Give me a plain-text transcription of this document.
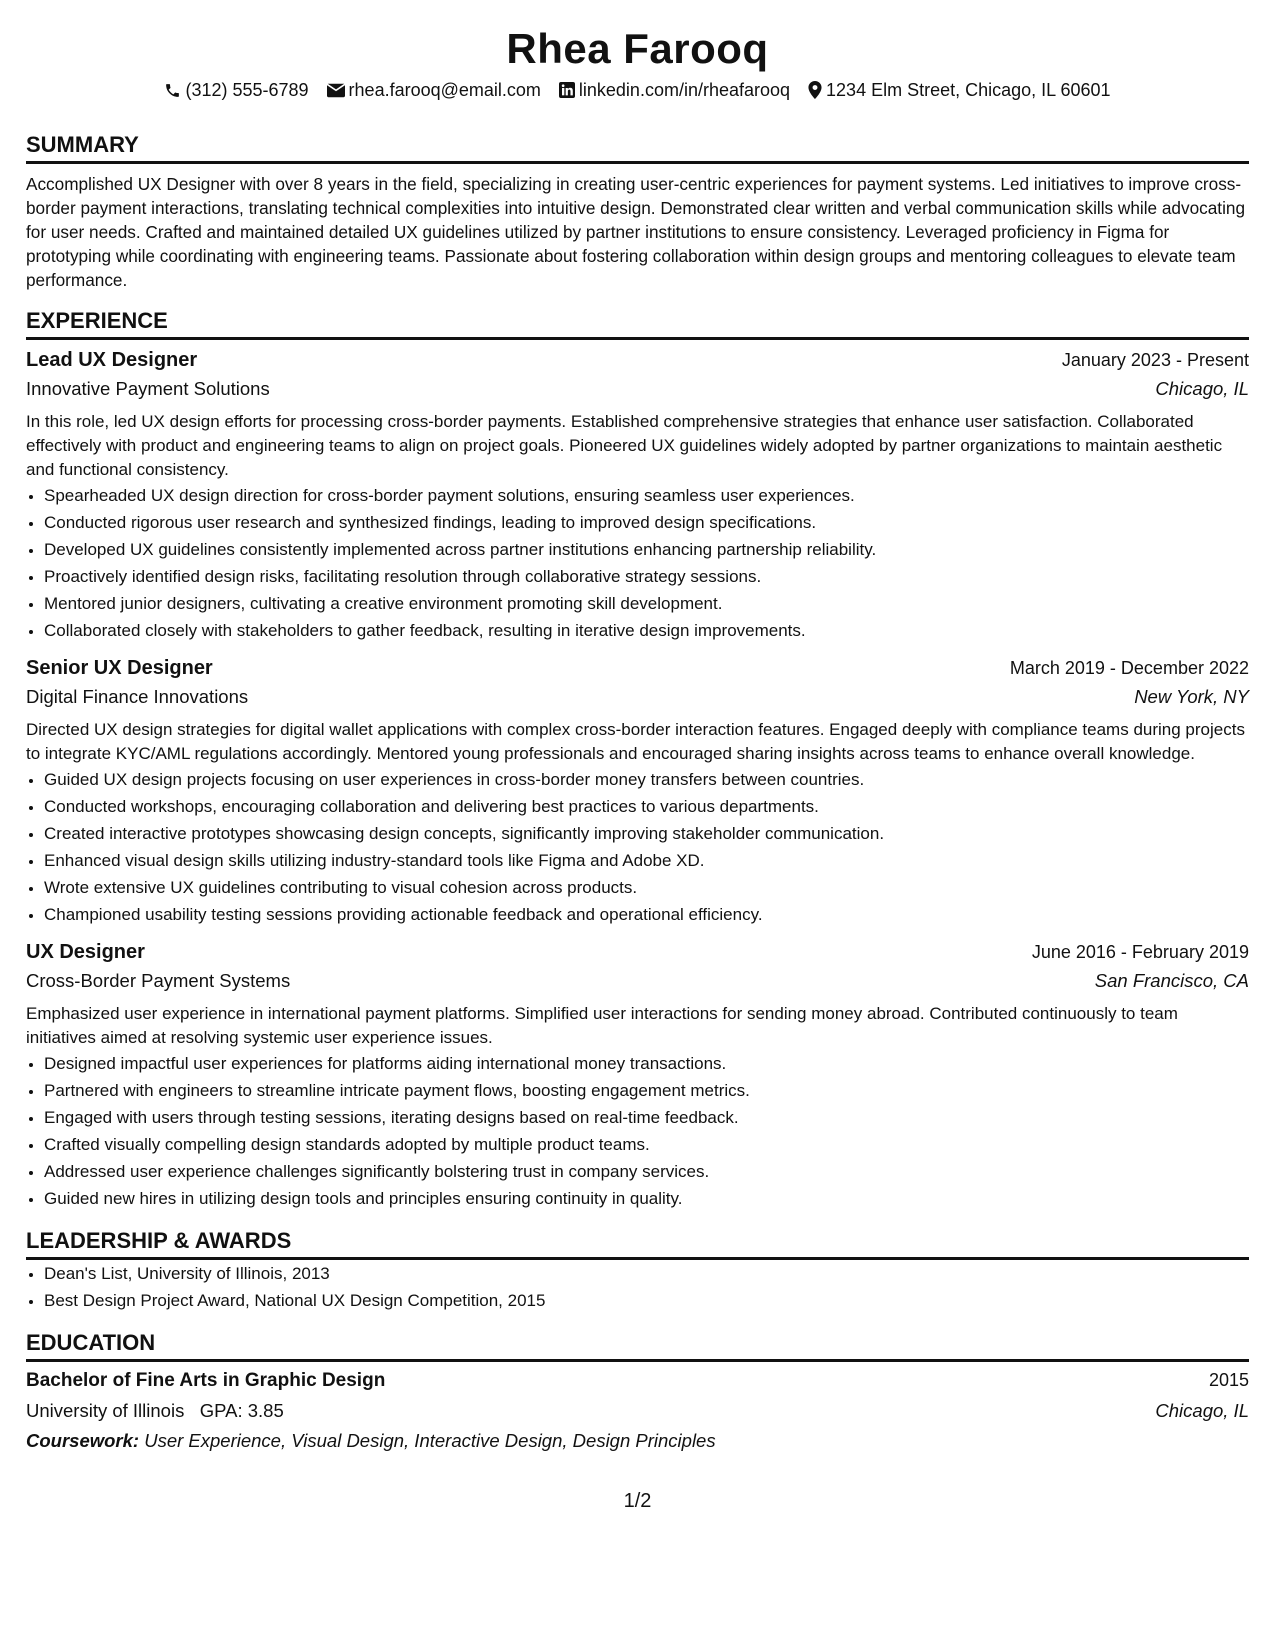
Rhea Farooq
(312) 555-6789 rhea.farooq@email.com linkedin.com/in/rheafarooq 1234 Elm Street, Chicago, IL 60601
SUMMARY
Accomplished UX Designer with over 8 years in the field, specializing in creating user-centric experiences for payment systems. Led initiatives to improve cross-border payment interactions, translating technical complexities into intuitive design. Demonstrated clear written and verbal communication skills while advocating for user needs. Crafted and maintained detailed UX guidelines utilized by partner institutions to ensure consistency. Leveraged proficiency in Figma for prototyping while coordinating with engineering teams. Passionate about fostering collaboration within design groups and mentoring colleagues to elevate team performance.
EXPERIENCE
Lead UX Designer	January 2023 - Present
Innovative Payment Solutions	Chicago, IL
In this role, led UX design efforts for processing cross-border payments. Established comprehensive strategies that enhance user satisfaction. Collaborated effectively with product and engineering teams to align on project goals. Pioneered UX guidelines widely adopted by partner organizations to maintain aesthetic and functional consistency.
• Spearheaded UX design direction for cross-border payment solutions, ensuring seamless user experiences.
• Conducted rigorous user research and synthesized findings, leading to improved design specifications.
• Developed UX guidelines consistently implemented across partner institutions enhancing partnership reliability.
• Proactively identified design risks, facilitating resolution through collaborative strategy sessions.
• Mentored junior designers, cultivating a creative environment promoting skill development.
• Collaborated closely with stakeholders to gather feedback, resulting in iterative design improvements.
Senior UX Designer	March 2019 - December 2022
Digital Finance Innovations	New York, NY
Directed UX design strategies for digital wallet applications with complex cross-border interaction features. Engaged deeply with compliance teams during projects to integrate KYC/AML regulations accordingly. Mentored young professionals and encouraged sharing insights across teams to enhance overall knowledge.
• Guided UX design projects focusing on user experiences in cross-border money transfers between countries.
• Conducted workshops, encouraging collaboration and delivering best practices to various departments.
• Created interactive prototypes showcasing design concepts, significantly improving stakeholder communication.
• Enhanced visual design skills utilizing industry-standard tools like Figma and Adobe XD.
• Wrote extensive UX guidelines contributing to visual cohesion across products.
• Championed usability testing sessions providing actionable feedback and operational efficiency.
UX Designer	June 2016 - February 2019
Cross-Border Payment Systems	San Francisco, CA
Emphasized user experience in international payment platforms. Simplified user interactions for sending money abroad. Contributed continuously to team initiatives aimed at resolving systemic user experience issues.
• Designed impactful user experiences for platforms aiding international money transactions.
• Partnered with engineers to streamline intricate payment flows, boosting engagement metrics.
• Engaged with users through testing sessions, iterating designs based on real-time feedback.
• Crafted visually compelling design standards adopted by multiple product teams.
• Addressed user experience challenges significantly bolstering trust in company services.
• Guided new hires in utilizing design tools and principles ensuring continuity in quality.
LEADERSHIP & AWARDS
• Dean's List, University of Illinois, 2013
• Best Design Project Award, National UX Design Competition, 2015
EDUCATION
Bachelor of Fine Arts in Graphic Design	2015
University of Illinois GPA: 3.85	Chicago, IL
Coursework: User Experience, Visual Design, Interactive Design, Design Principles
1/2
